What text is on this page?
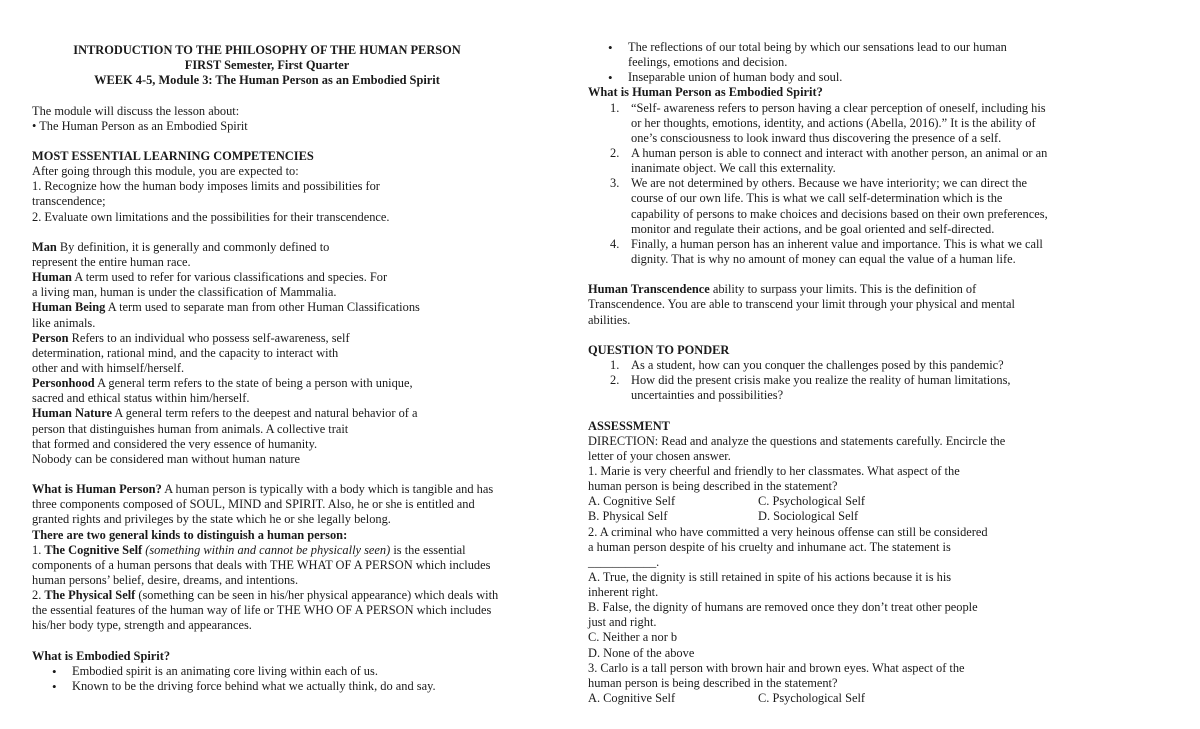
INTRODUCTION TO THE PHILOSOPHY OF THE HUMAN PERSON
FIRST Semester, First Quarter
WEEK 4-5, Module 3: The Human Person as an Embodied Spirit
The module will discuss the lesson about:
• The Human Person as an Embodied Spirit
MOST ESSENTIAL LEARNING COMPETENCIES
After going through this module, you are expected to:
1. Recognize how the human body imposes limits and possibilities for
transcendence;
2. Evaluate own limitations and the possibilities for their transcendence.
Man By definition, it is generally and commonly defined to
represent the entire human race.
Human A term used to refer for various classifications and species. For
a living man, human is under the classification of Mammalia.
Human Being A term used to separate man from other Human Classifications
like animals.
Person Refers to an individual who possess self-awareness, self
determination, rational mind, and the capacity to interact with
other and with himself/herself.
Personhood A general term refers to the state of being a person with unique,
sacred and ethical status within him/herself.
Human Nature A general term refers to the deepest and natural behavior of a
person that distinguishes human from animals. A collective trait
that formed and considered the very essence of humanity.
Nobody can be considered man without human nature
What is Human Person? A human person is typically with a body which is tangible and has
three components composed of SOUL, MIND and SPIRIT. Also, he or she is entitled and
granted rights and privileges by the state which he or she legally belong.
There are two general kinds to distinguish a human person:
1. The Cognitive Self (something within and cannot be physically seen) is the essential
components of a human persons that deals with THE WHAT OF A PERSON which includes
human persons’ belief, desire, dreams, and intentions.
2. The Physical Self (something can be seen in his/her physical appearance) which deals with
the essential features of the human way of life or THE WHO OF A PERSON which includes
his/her body type, strength and appearances.
What is Embodied Spirit?
• Embodied spirit is an animating core living within each of us.
• Known to be the driving force behind what we actually think, do and say.
• The reflections of our total being by which our sensations lead to our human
feelings, emotions and decision.
• Inseparable union of human body and soul.
What is Human Person as Embodied Spirit?
1. “Self- awareness refers to person having a clear perception of oneself, including his
or her thoughts, emotions, identity, and actions (Abella, 2016).” It is the ability of
one’s consciousness to look inward thus discovering the presence of a self.
2. A human person is able to connect and interact with another person, an animal or an
inanimate object. We call this externality.
3. We are not determined by others. Because we have interiority; we can direct the
course of our own life. This is what we call self-determination which is the
capability of persons to make choices and decisions based on their own preferences,
monitor and regulate their actions, and be goal oriented and self-directed.
4. Finally, a human person has an inherent value and importance. This is what we call
dignity. That is why no amount of money can equal the value of a human life.
Human Transcendence ability to surpass your limits. This is the definition of
Transcendence. You are able to transcend your limit through your physical and mental
abilities.
QUESTION TO PONDER
1. As a student, how can you conquer the challenges posed by this pandemic?
2. How did the present crisis make you realize the reality of human limitations,
uncertainties and possibilities?
ASSESSMENT
DIRECTION: Read and analyze the questions and statements carefully. Encircle the
letter of your chosen answer.
1. Marie is very cheerful and friendly to her classmates. What aspect of the
human person is being described in the statement?
A. Cognitive Self	C. Psychological Self
B. Physical Self	D. Sociological Self
2. A criminal who have committed a very heinous offense can still be considered
a human person despite of his cruelty and inhumane act. The statement is
___________.
A. True, the dignity is still retained in spite of his actions because it is his
inherent right.
B. False, the dignity of humans are removed once they don’t treat other people
just and right.
C. Neither a nor b
D. None of the above
3. Carlo is a tall person with brown hair and brown eyes. What aspect of the
human person is being described in the statement?
A. Cognitive Self	C. Psychological Self
